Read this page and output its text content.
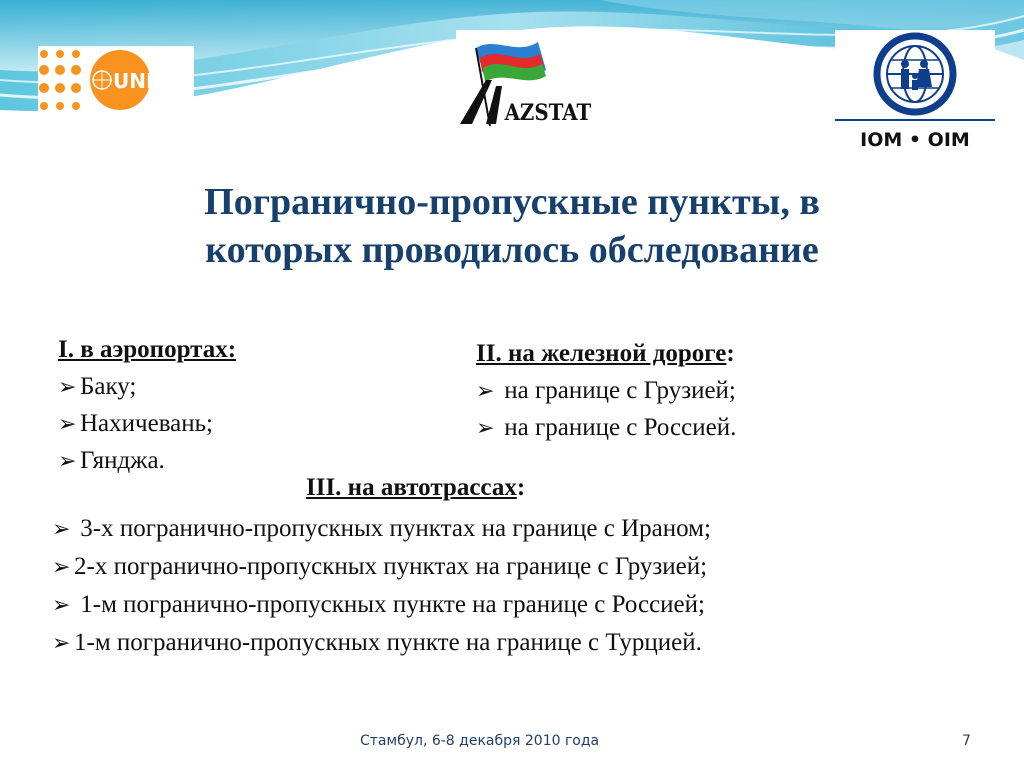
UNFPA
AZSTAT
IOM • OIM
Погранично-пропускные пункты, в
которых проводилось обследование
I. в аэропортах:
➢ Баку;
➢ Нахичевань;
➢ Гянджа.
II. на железной дороге:
➢ на границе с Грузией;
➢ на границе с Россией.
III. на автотрассах:
➢ 3-х погранично-пропускных пунктах на границе с Ираном;
➢ 2-х погранично-пропускных пунктах на границе с Грузией;
➢ 1-м погранично-пропускных пункте на границе с Россией;
➢ 1-м погранично-пропускных пункте на границе с Турцией.
Стамбул, 6-8 декабря 2010 года	7
